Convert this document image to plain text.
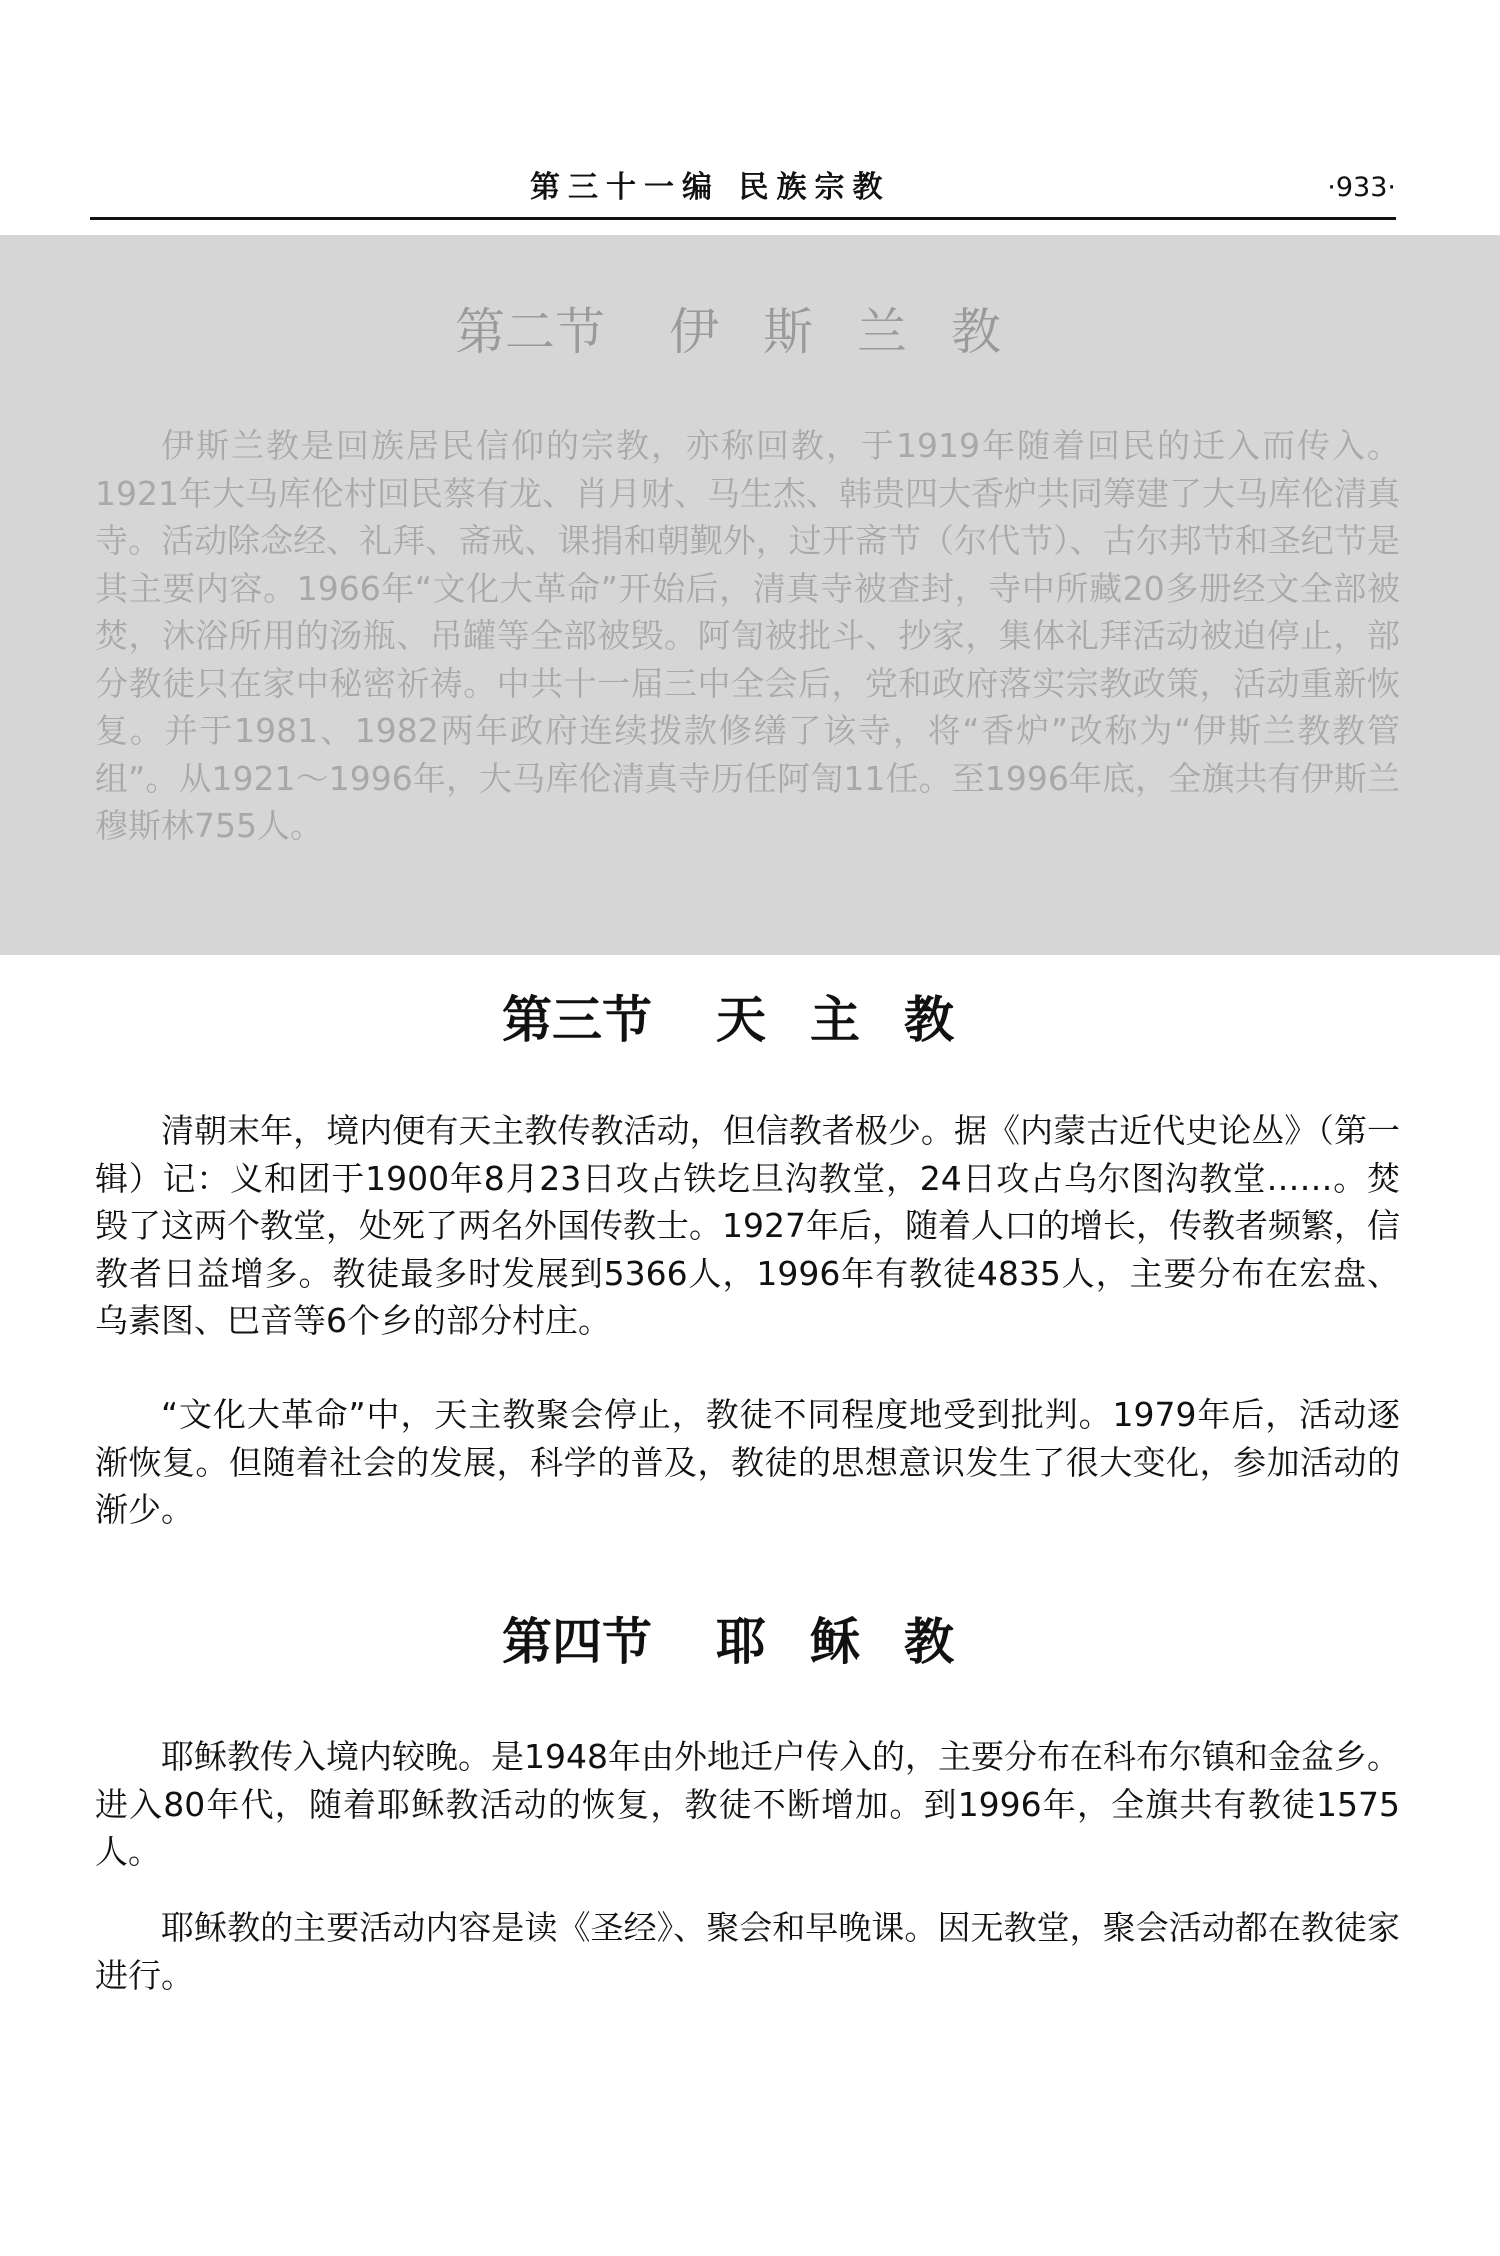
第三十一编 民族宗教	·933·
第二节 伊斯兰教

伊斯兰教是回族居民信仰的宗教，亦称回教，于1919年随着回民的迁入而传入。1921年大马库伦村回民蔡有龙、肖月财、马生杰、韩贵四大香炉共同筹建了大马库伦清真寺。活动除念经、礼拜、斋戒、课捐和朝觐外，过开斋节（尔代节）、古尔邦节和圣纪节是其主要内容。1966年“文化大革命”开始后，清真寺被查封，寺中所藏20多册经文全部被焚，沐浴所用的汤瓶、吊罐等全部被毁。阿訇被批斗、抄家，集体礼拜活动被迫停止，部分教徒只在家中秘密祈祷。中共十一届三中全会后，党和政府落实宗教政策，活动重新恢复。并于1981、1982两年政府连续拨款修缮了该寺，将“香炉”改称为“伊斯兰教教管组”。从1921～1996年，大马库伦清真寺历任阿訇11任。至1996年底，全旗共有伊斯兰穆斯林755人。

第三节 天主教

清朝末年，境内便有天主教传教活动，但信教者极少。据《内蒙古近代史论丛》（第一辑）记：义和团于1900年8月23日攻占铁圪旦沟教堂，24日攻占乌尔图沟教堂……。焚毁了这两个教堂，处死了两名外国传教士。1927年后，随着人口的增长，传教者频繁，信教者日益增多。教徒最多时发展到5366人，1996年有教徒4835人，主要分布在宏盘、乌素图、巴音等6个乡的部分村庄。

“文化大革命”中，天主教聚会停止，教徒不同程度地受到批判。1979年后，活动逐渐恢复。但随着社会的发展，科学的普及，教徒的思想意识发生了很大变化，参加活动的渐少。

第四节 耶稣教

耶稣教传入境内较晚。是1948年由外地迁户传入的，主要分布在科布尔镇和金盆乡。进入80年代，随着耶稣教活动的恢复，教徒不断增加。到1996年，全旗共有教徒1575人。

耶稣教的主要活动内容是读《圣经》、聚会和早晚课。因无教堂，聚会活动都在教徒家进行。
